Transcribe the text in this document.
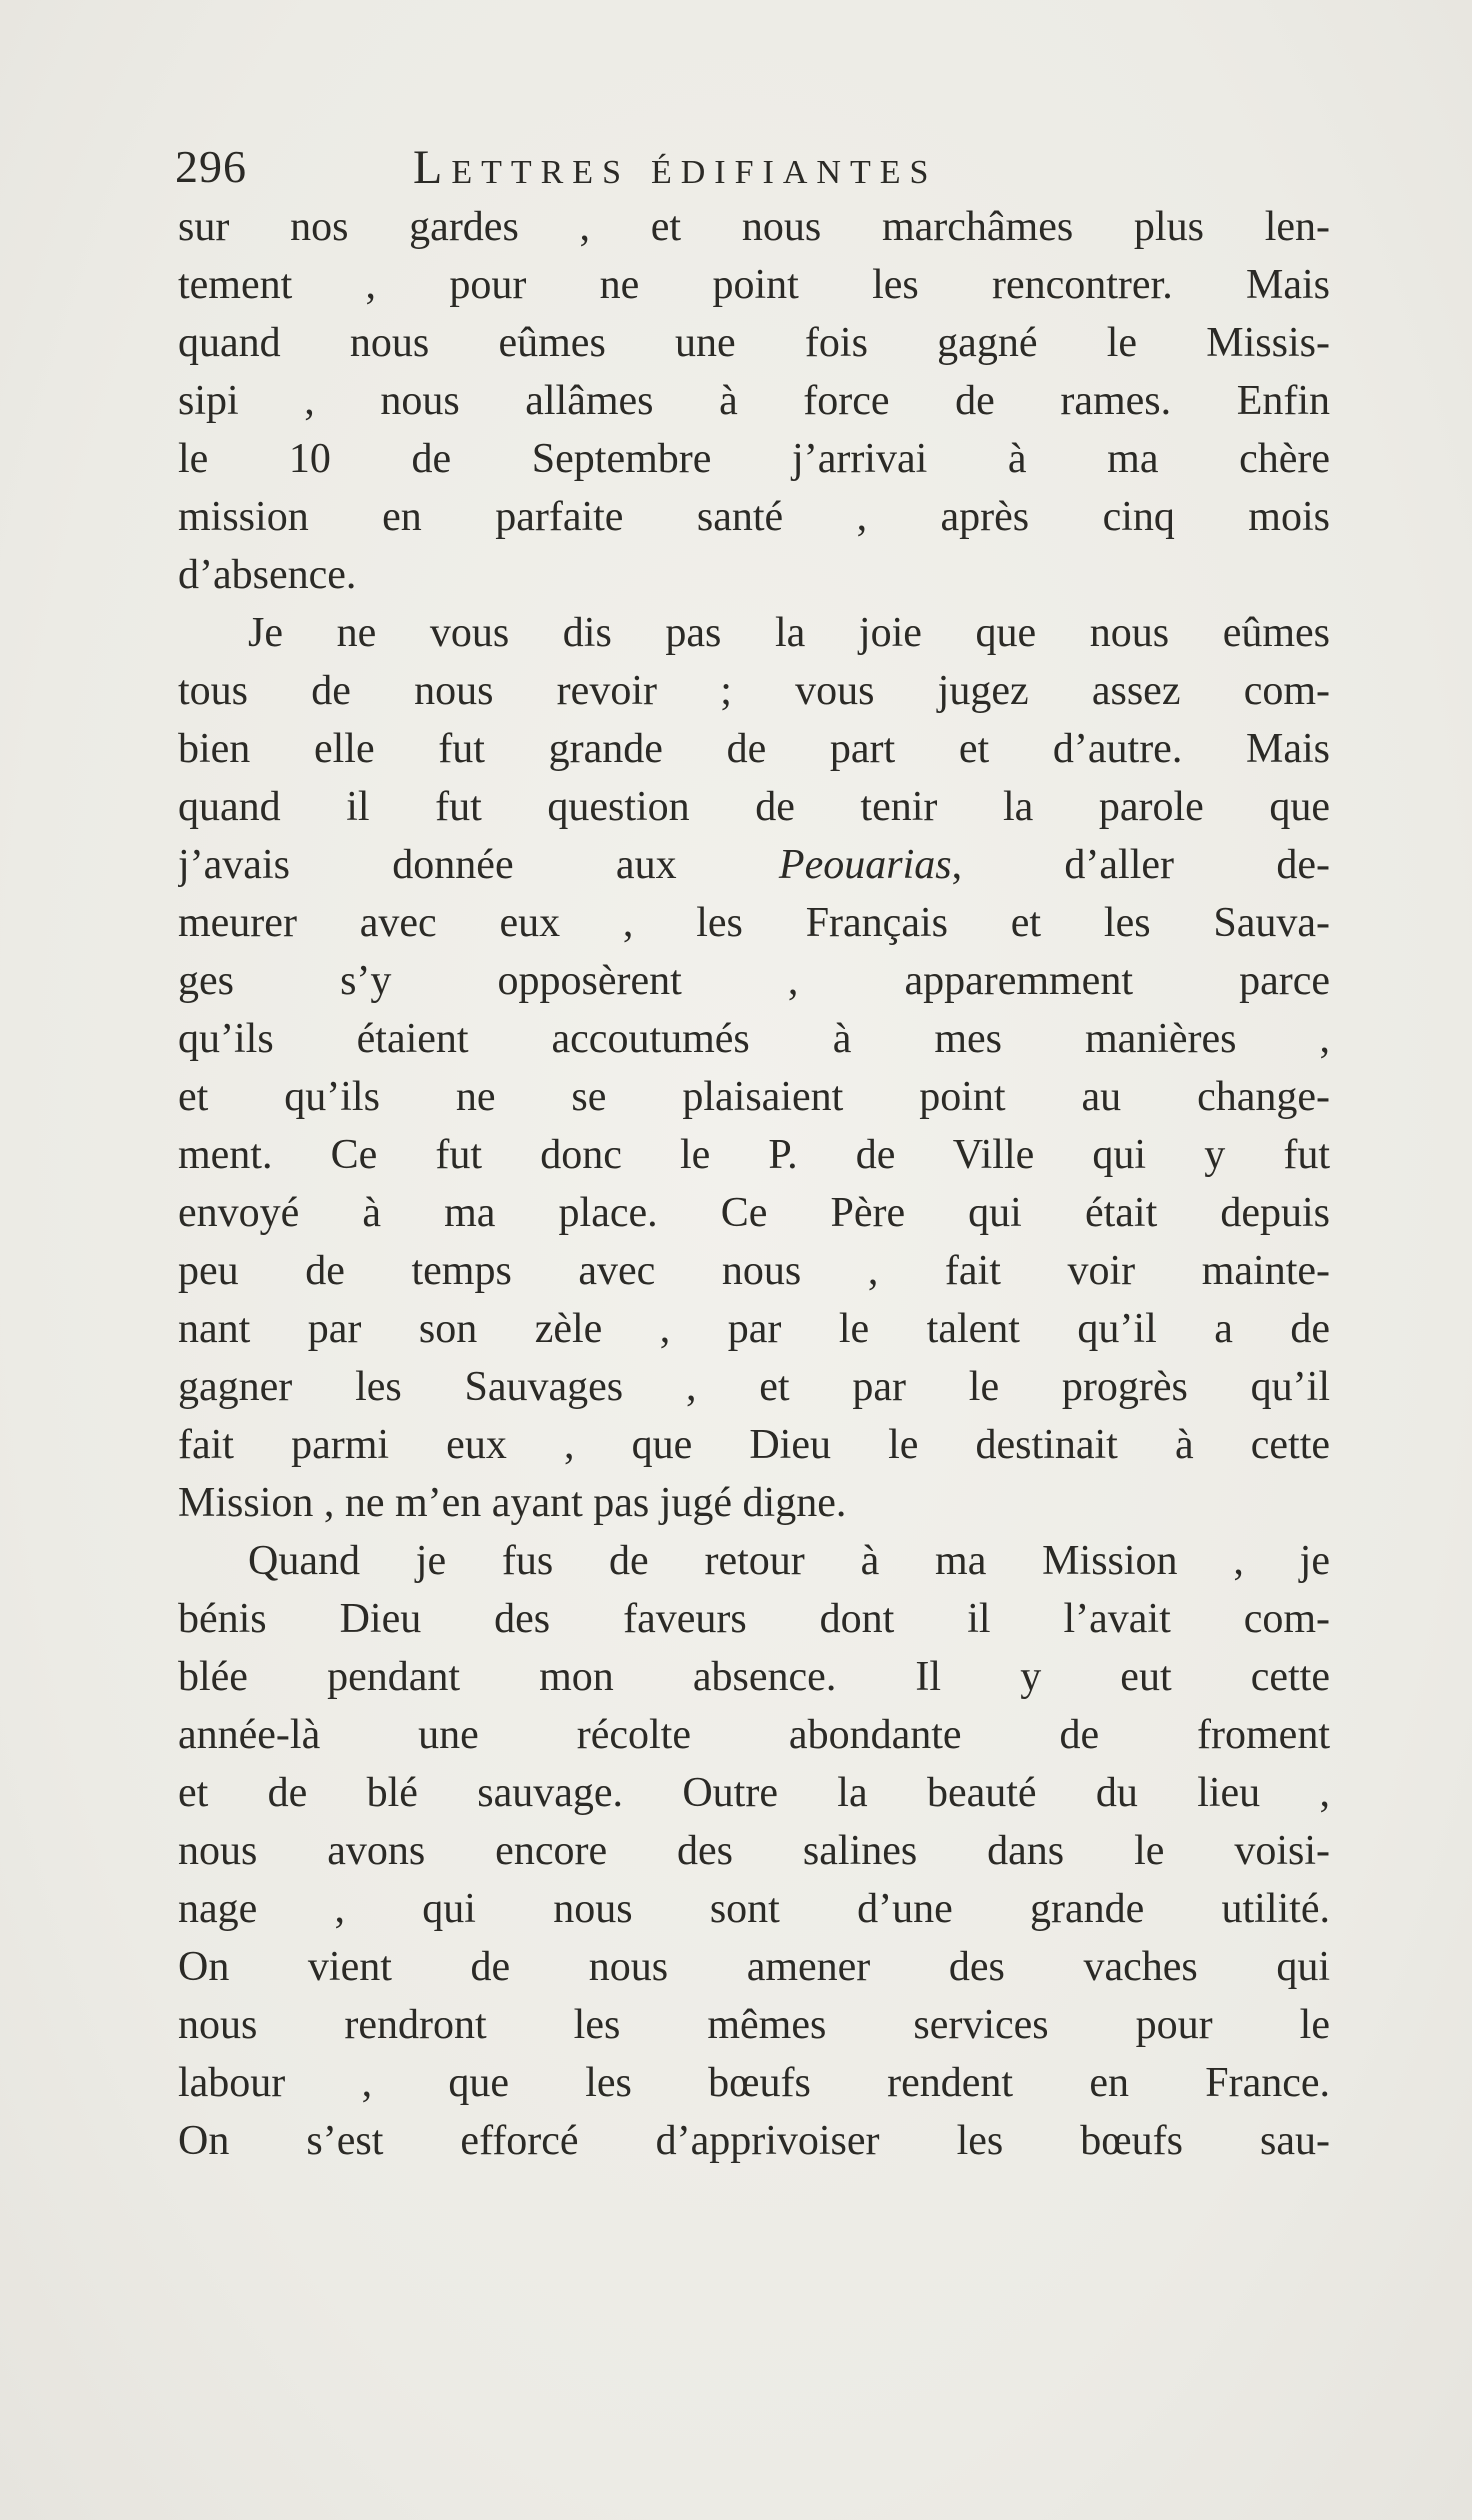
296	Lettres édifiantes
sur nos gardes , et nous marchâmes plus len-
tement , pour ne point les rencontrer. Mais
quand nous eûmes une fois gagné le Missis-
sipi , nous allâmes à force de rames. Enfin
le 10 de Septembre j’arrivai à ma chère
mission en parfaite santé , après cinq mois
d’absence.
Je ne vous dis pas la joie que nous eûmes
tous de nous revoir ; vous jugez assez com-
bien elle fut grande de part et d’autre. Mais
quand il fut question de tenir la parole que
j’avais donnée aux Peouarias, d’aller de-
meurer avec eux , les Français et les Sauva-
ges s’y opposèrent , apparemment parce
qu’ils étaient accoutumés à mes manières ,
et qu’ils ne se plaisaient point au change-
ment. Ce fut donc le P. de Ville qui y fut
envoyé à ma place. Ce Père qui était depuis
peu de temps avec nous , fait voir mainte-
nant par son zèle , par le talent qu’il a de
gagner les Sauvages , et par le progrès qu’il
fait parmi eux , que Dieu le destinait à cette
Mission , ne m’en ayant pas jugé digne.
Quand je fus de retour à ma Mission , je
bénis Dieu des faveurs dont il l’avait com-
blée pendant mon absence. Il y eut cette
année-là une récolte abondante de froment
et de blé sauvage. Outre la beauté du lieu ,
nous avons encore des salines dans le voisi-
nage , qui nous sont d’une grande utilité.
On vient de nous amener des vaches qui
nous rendront les mêmes services pour le
labour , que les bœufs rendent en France.
On s’est efforcé d’apprivoiser les bœufs sau-
